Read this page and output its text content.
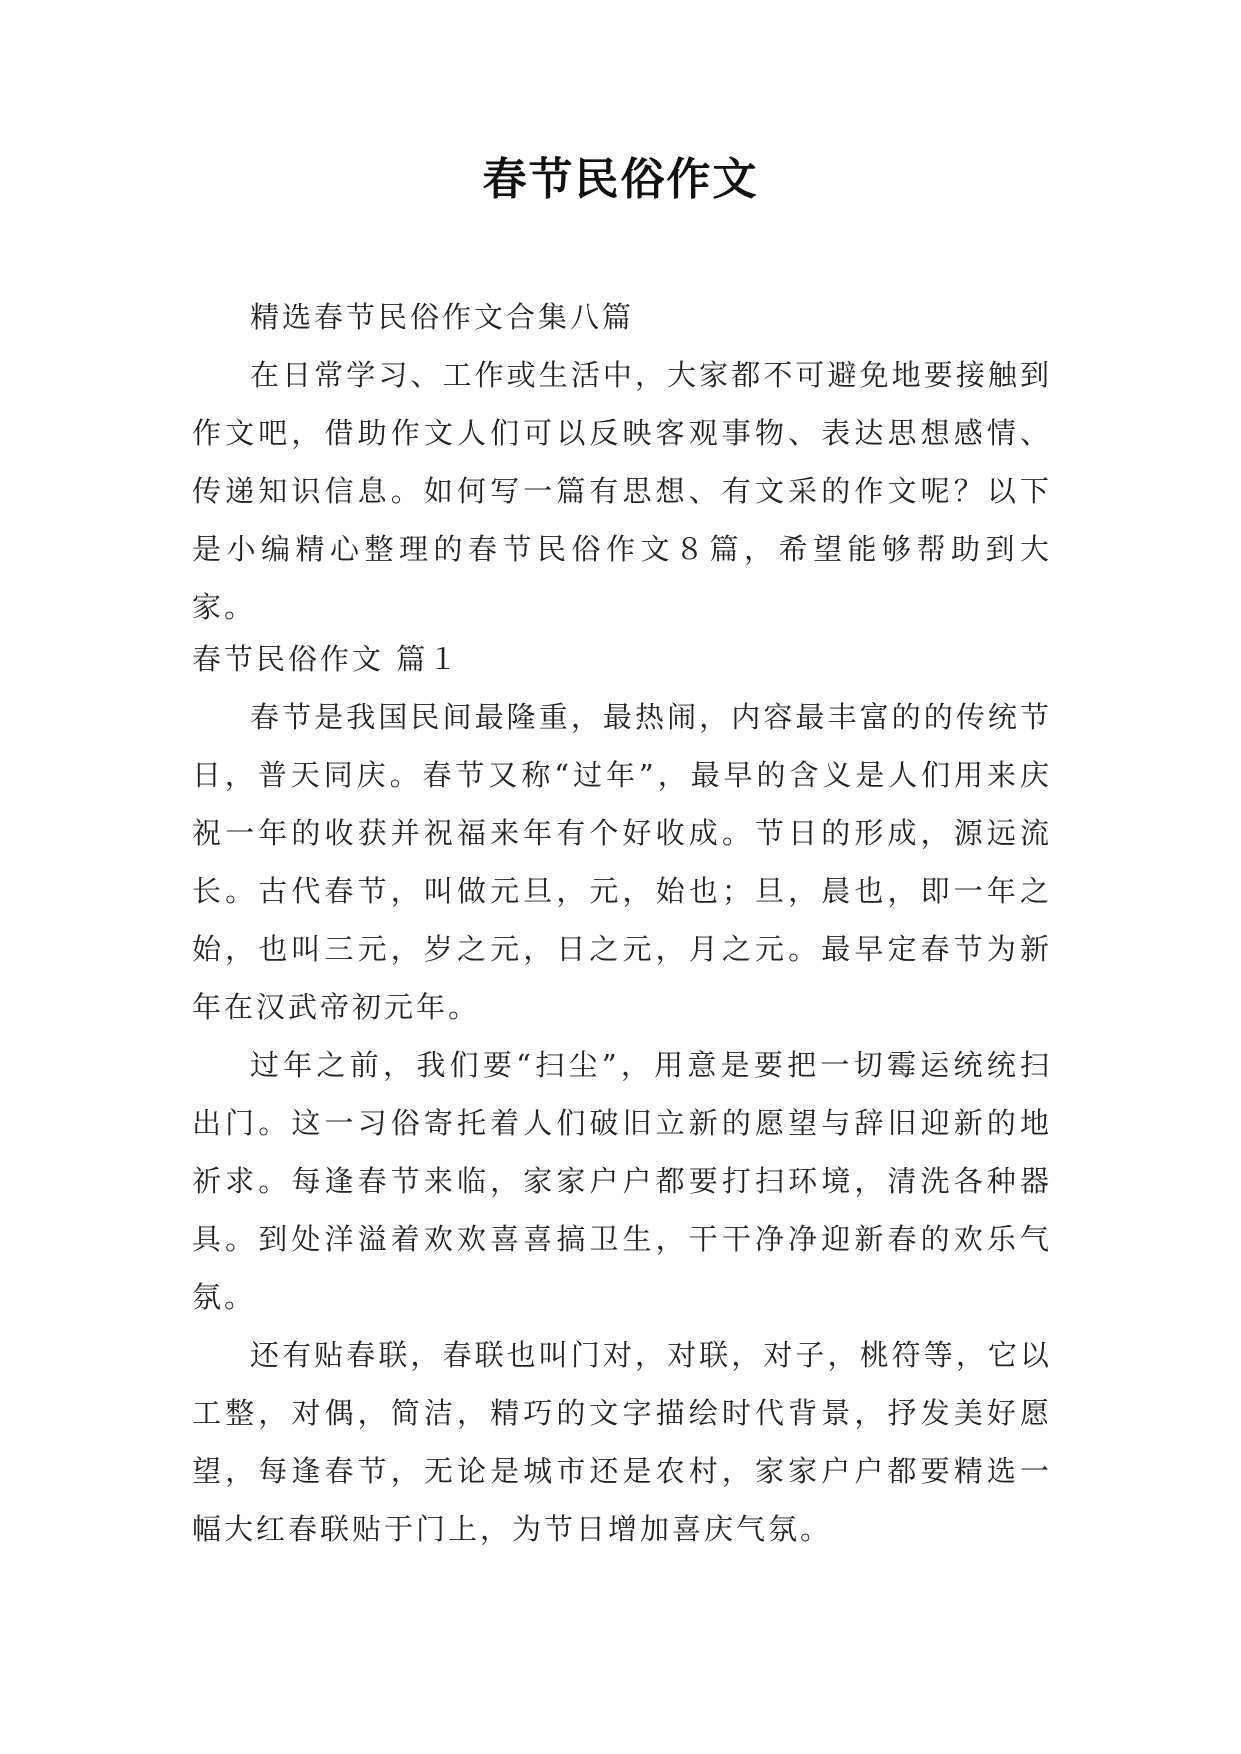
春节民俗作文

精选春节民俗作文合集八篇

在日常学习、工作或生活中，大家都不可避免地要接触到作文吧，借助作文人们可以反映客观事物、表达思想感情、传递知识信息。如何写一篇有思想、有文采的作文呢？以下是小编精心整理的春节民俗作文８篇，希望能够帮助到大家。

春节民俗作文 篇１

春节是我国民间最隆重，最热闹，内容最丰富的的传统节日，普天同庆。春节又称“过年”，最早的含义是人们用来庆祝一年的收获并祝福来年有个好收成。节日的形成，源远流长。古代春节，叫做元旦，元，始也；旦，晨也，即一年之始，也叫三元，岁之元，日之元，月之元。最早定春节为新年在汉武帝初元年。

过年之前，我们要“扫尘”，用意是要把一切霉运统统扫出门。这一习俗寄托着人们破旧立新的愿望与辞旧迎新的地祈求。每逢春节来临，家家户户都要打扫环境，清洗各种器具。到处洋溢着欢欢喜喜搞卫生，干干净净迎新春的欢乐气氛。

还有贴春联，春联也叫门对，对联，对子，桃符等，它以工整，对偶，简洁，精巧的文字描绘时代背景，抒发美好愿望，每逢春节，无论是城市还是农村，家家户户都要精选一幅大红春联贴于门上，为节日增加喜庆气氛。
